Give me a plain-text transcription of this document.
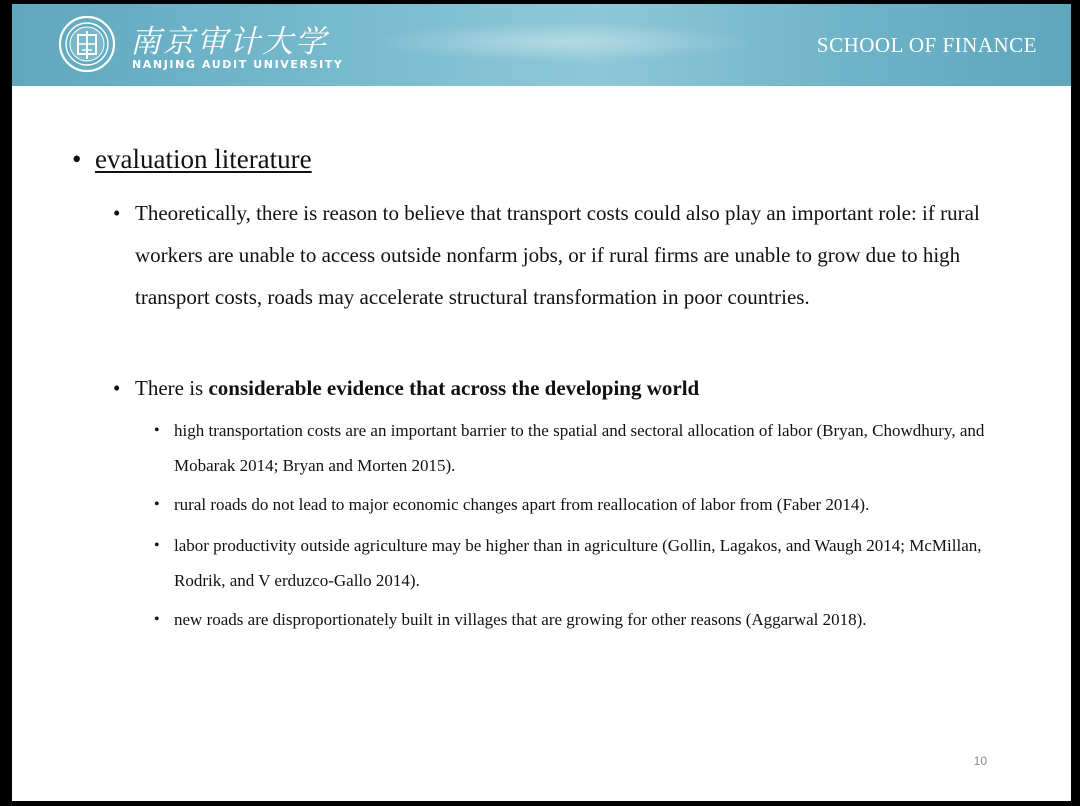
南京审计大学
NANJING AUDIT UNIVERSITY
SCHOOL OF FINANCE
• evaluation literature
• Theoretically, there is reason to believe that transport costs could also play an important role: if rural workers are unable to access outside nonfarm jobs, or if rural firms are unable to grow due to high transport costs, roads may accelerate structural transformation in poor countries.
• There is considerable evidence that across the developing world
• high transportation costs are an important barrier to the spatial and sectoral allocation of labor (Bryan, Chowdhury, and Mobarak 2014; Bryan and Morten 2015).
• rural roads do not lead to major economic changes apart from reallocation of labor from (Faber 2014).
• labor productivity outside agriculture may be higher than in agriculture (Gollin, Lagakos, and Waugh 2014; McMillan, Rodrik, and V erduzco-Gallo 2014).
• new roads are disproportionately built in villages that are growing for other reasons (Aggarwal 2018).
10
